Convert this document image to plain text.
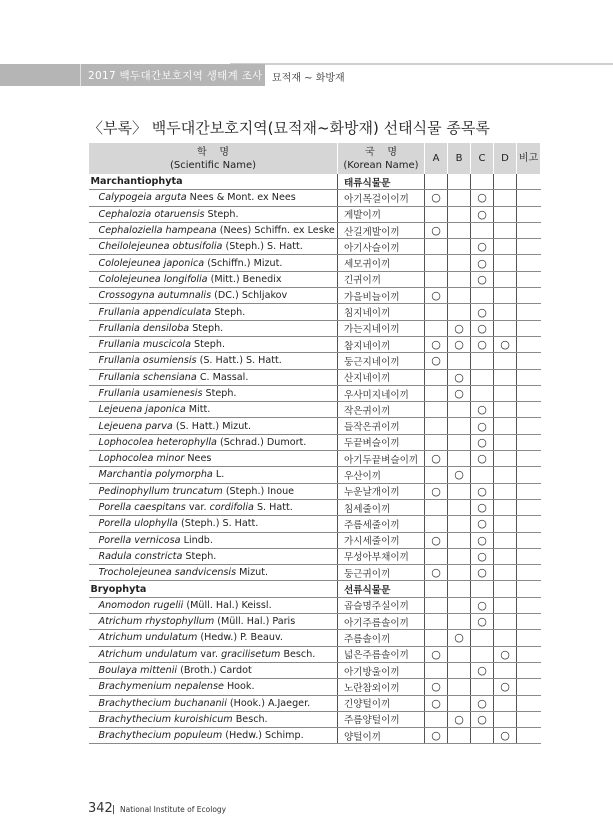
2017 백두대간보호지역 생태계 조사 묘적재 ~ 화방재
〈부록〉 백두대간보호지역(묘적재~화방재) 선태식물 종목록
학    명
(Scientific Name)	국    명
(Korean Name)	A	B	C	D	비고
Marchantiophyta	태류식물문					
Calypogeia arguta Nees & Mont. ex Nees	아기목걸이이끼	○		○		
Cephalozia otaruensis Steph.	게발이끼			○		
Cephaloziella hampeana (Nees) Schiffn. ex Leske	산길게발이끼	○				
Cheilolejeunea obtusifolia (Steph.) S. Hatt.	아기사슬이끼			○		
Cololejeunea japonica (Schiffn.) Mizut.	세모귀이끼			○		
Cololejeunea longifolia (Mitt.) Benedix	긴귀이끼			○		
Crossogyna autumnalis (DC.) Schljakov	가을비늘이끼	○				
Frullania appendiculata Steph.	침지네이끼			○		
Frullania densiloba Steph.	가는지네이끼		○	○		
Frullania muscicola Steph.	참지네이끼	○	○	○	○	
Frullania osumiensis (S. Hatt.) S. Hatt.	둥근지네이끼	○				
Frullania schensiana C. Massal.	산지네이끼		○			
Frullania usamienesis Steph.	우사미지네이끼		○			
Lejeuena japonica Mitt.	작은귀이끼			○		
Lejeuena parva (S. Hatt.) Mizut.	들작은귀이끼			○		
Lophocolea heterophylla (Schrad.) Dumort.	두끝벼슬이끼			○		
Lophocolea minor Nees	아기두끝벼슬이끼	○		○		
Marchantia polymorpha L.	우산이끼		○			
Pedinophyllum truncatum (Steph.) Inoue	누운날개이끼	○		○		
Porella caespitans var. cordifolia S. Hatt.	침세줄이끼			○		
Porella ulophylla (Steph.) S. Hatt.	주름세줄이끼			○		
Porella vernicosa Lindb.	가시세줄이끼	○		○		
Radula constricta Steph.	무성아부채이끼			○		
Trocholejeunea sandvicensis Mizut.	둥근귀이끼	○		○		
Bryophyta	선류식물문					
Anomodon rugelii (Müll. Hal.) Keissl.	곱슬명주실이끼			○		
Atrichum rhystophyllum (Müll. Hal.) Paris	아기주름솔이끼			○		
Atrichum undulatum (Hedw.) P. Beauv.	주름솔이끼		○			
Atrichum undulatum var. gracilisetum Besch.	넓은주름솔이끼	○			○	
Boulaya mittenii (Broth.) Cardot	아기방울이끼			○		
Brachymenium nepalense Hook.	노란참외이끼	○			○	
Brachythecium buchananii (Hook.) A.Jaeger.	긴양털이끼	○		○		
Brachythecium kuroishicum Besch.	주름양털이끼		○	○		
Brachythecium populeum (Hedw.) Schimp.	양털이끼	○			○	
342 National Institute of Ecology
